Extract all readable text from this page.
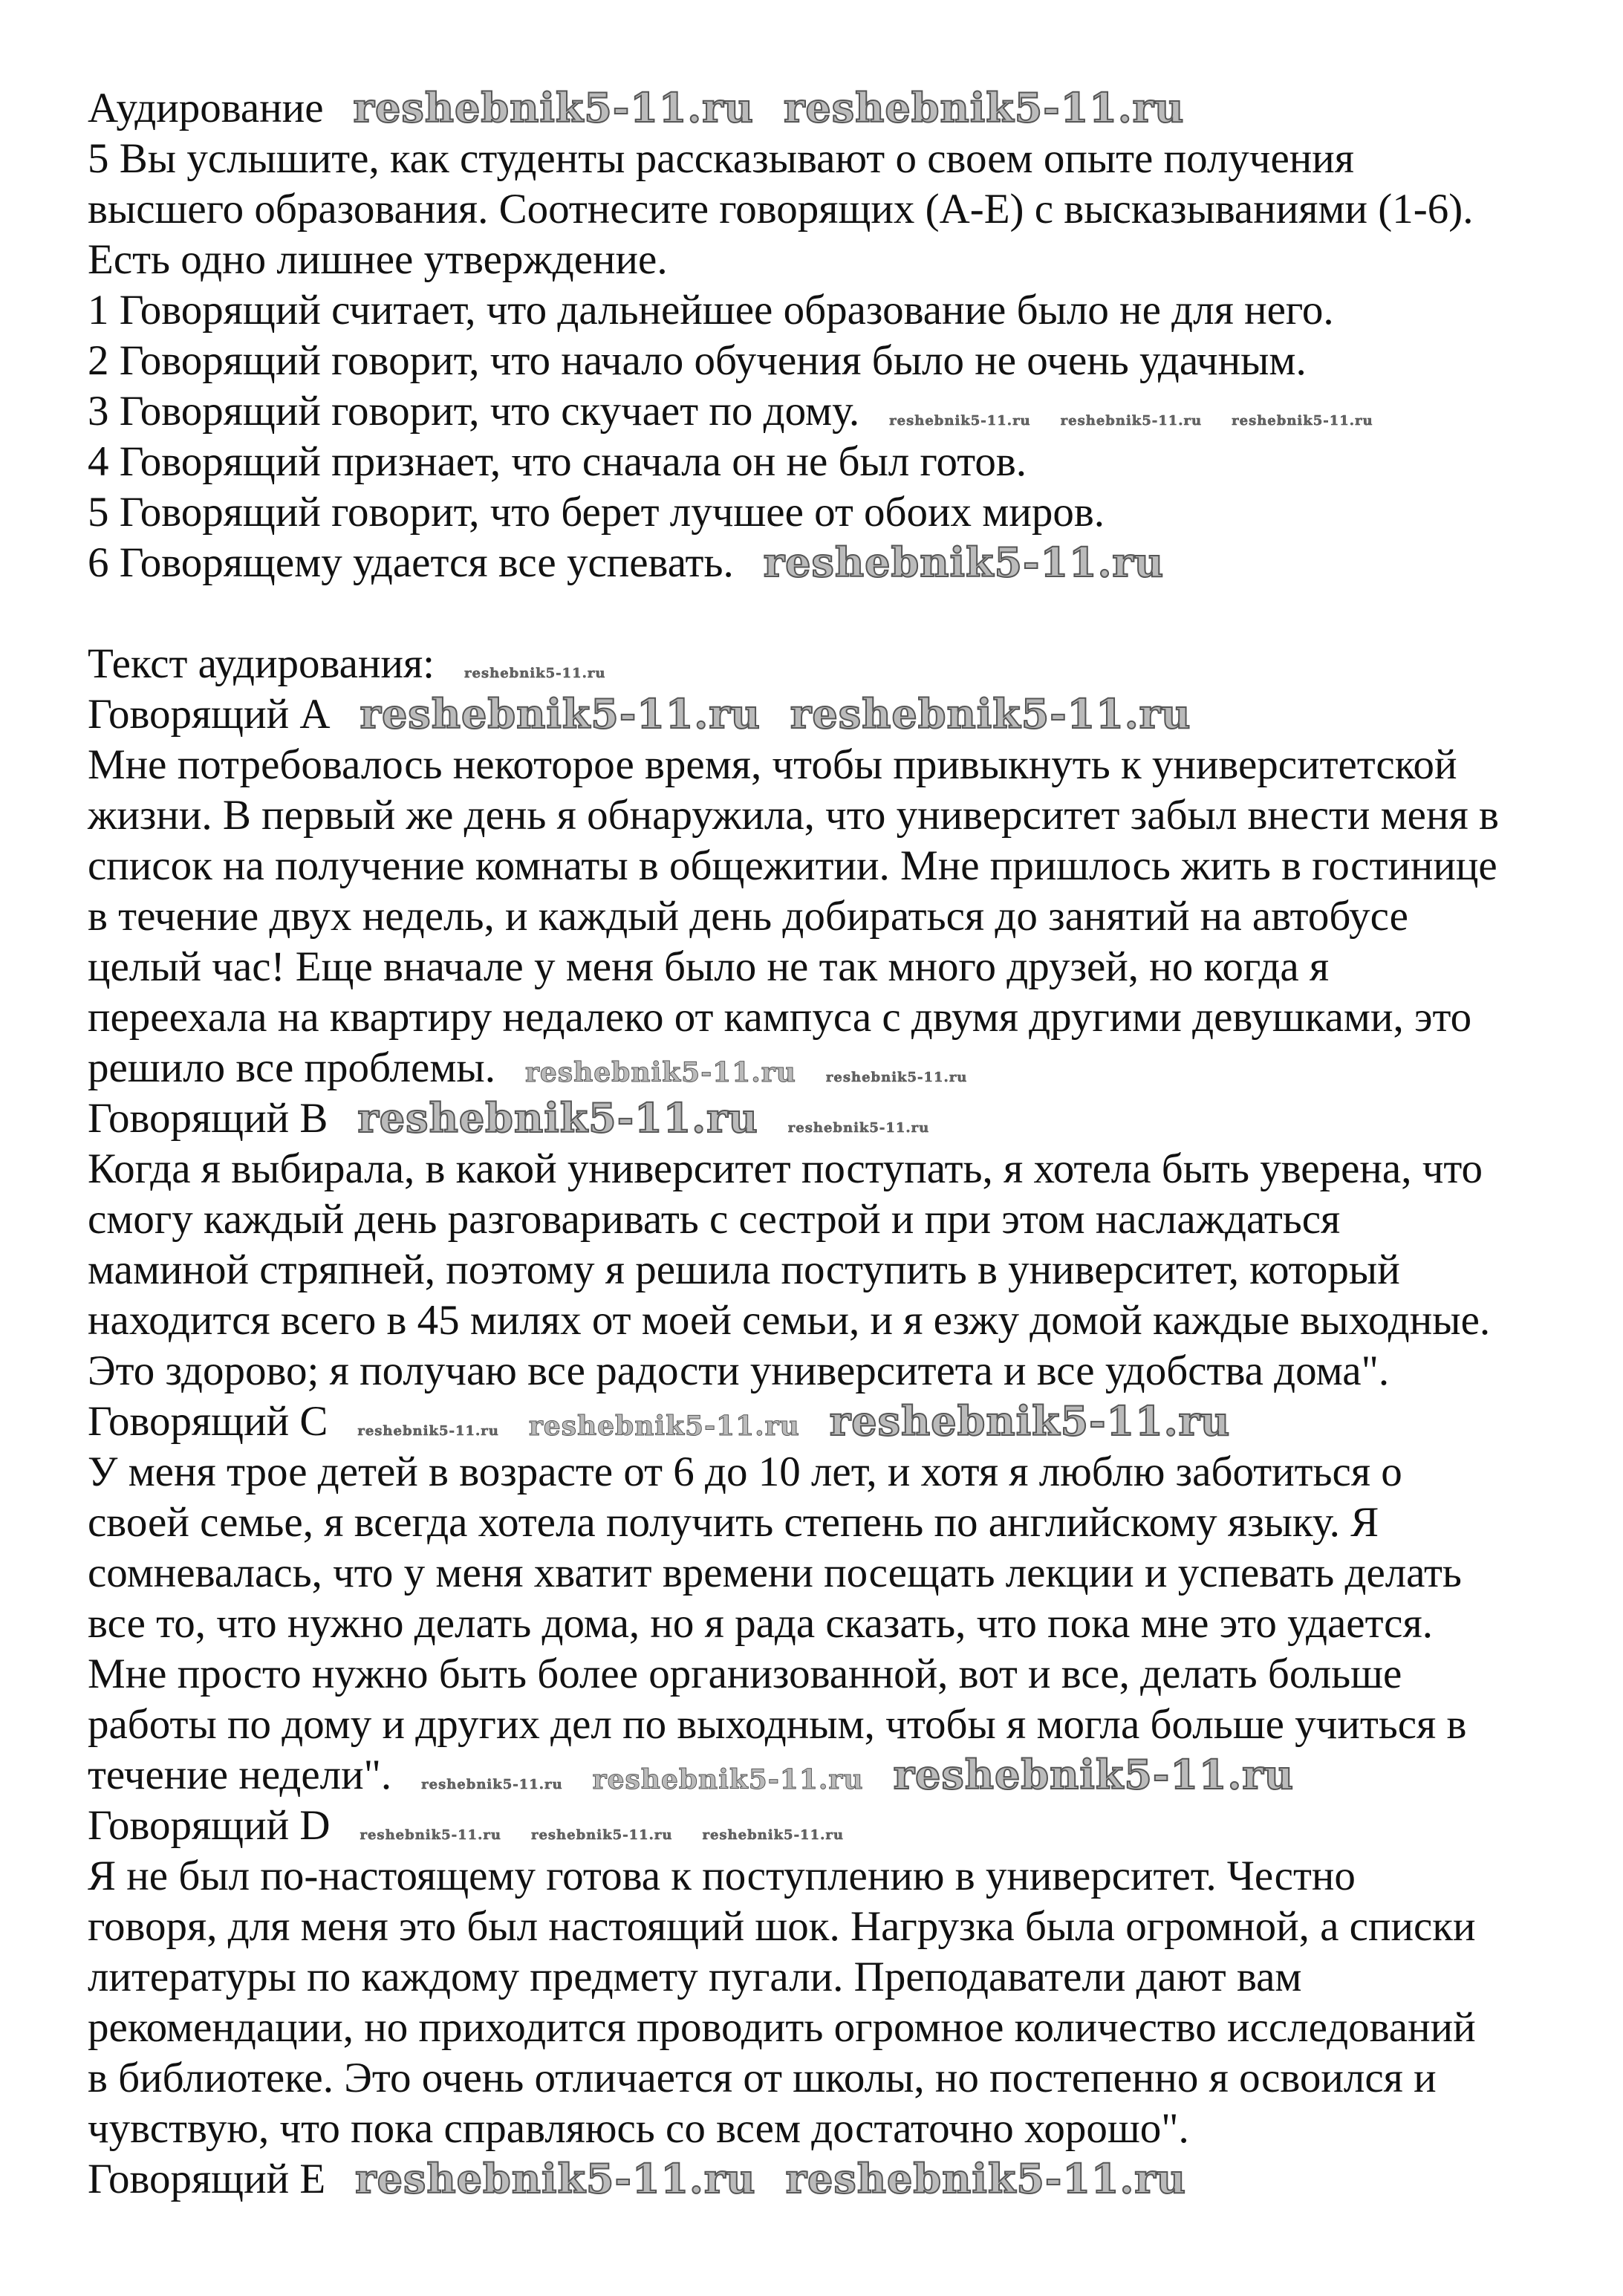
Аудирование reshebnik5-11.ru reshebnik5-11.ru
5 Вы услышите, как студенты рассказывают о своем опыте получения
высшего образования. Соотнесите говорящих (A-E) с высказываниями (1-6).
Есть одно лишнее утверждение.
1 Говорящий считает, что дальнейшее образование было не для него.
2 Говорящий говорит, что начало обучения было не очень удачным.
3 Говорящий говорит, что скучает по дому. reshebnik5-11.ru reshebnik5-11.ru reshebnik5-11.ru
4 Говорящий признает, что сначала он не был готов.
5 Говорящий говорит, что берет лучшее от обоих миров.
6 Говорящему удается все успевать. reshebnik5-11.ru
Текст аудирования: reshebnik5-11.ru
Говорящий A reshebnik5-11.ru reshebnik5-11.ru
Мне потребовалось некоторое время, чтобы привыкнуть к университетской
жизни. В первый же день я обнаружила, что университет забыл внести меня в
список на получение комнаты в общежитии. Мне пришлось жить в гостинице
в течение двух недель, и каждый день добираться до занятий на автобусе
целый час! Еще вначале у меня было не так много друзей, но когда я
переехала на квартиру недалеко от кампуса с двумя другими девушками, это
решило все проблемы. reshebnik5-11.ru reshebnik5-11.ru
Говорящий B reshebnik5-11.ru reshebnik5-11.ru
Когда я выбирала, в какой университет поступать, я хотела быть уверена, что
смогу каждый день разговаривать с сестрой и при этом наслаждаться
маминой стряпней, поэтому я решила поступить в университет, который
находится всего в 45 милях от моей семьи, и я езжу домой каждые выходные.
Это здорово; я получаю все радости университета и все удобства дома".
Говорящий C reshebnik5-11.ru reshebnik5-11.ru reshebnik5-11.ru
У меня трое детей в возрасте от 6 до 10 лет, и хотя я люблю заботиться о
своей семье, я всегда хотела получить степень по английскому языку. Я
сомневалась, что у меня хватит времени посещать лекции и успевать делать
все то, что нужно делать дома, но я рада сказать, что пока мне это удается.
Мне просто нужно быть более организованной, вот и все, делать больше
работы по дому и других дел по выходным, чтобы я могла больше учиться в
течение недели". reshebnik5-11.ru reshebnik5-11.ru reshebnik5-11.ru
Говорящий D reshebnik5-11.ru reshebnik5-11.ru reshebnik5-11.ru
Я не был по-настоящему готова к поступлению в университет. Честно
говоря, для меня это был настоящий шок. Нагрузка была огромной, а списки
литературы по каждому предмету пугали. Преподаватели дают вам
рекомендации, но приходится проводить огромное количество исследований
в библиотеке. Это очень отличается от школы, но постепенно я освоился и
чувствую, что пока справляюсь со всем достаточно хорошо".
Говорящий E reshebnik5-11.ru reshebnik5-11.ru
